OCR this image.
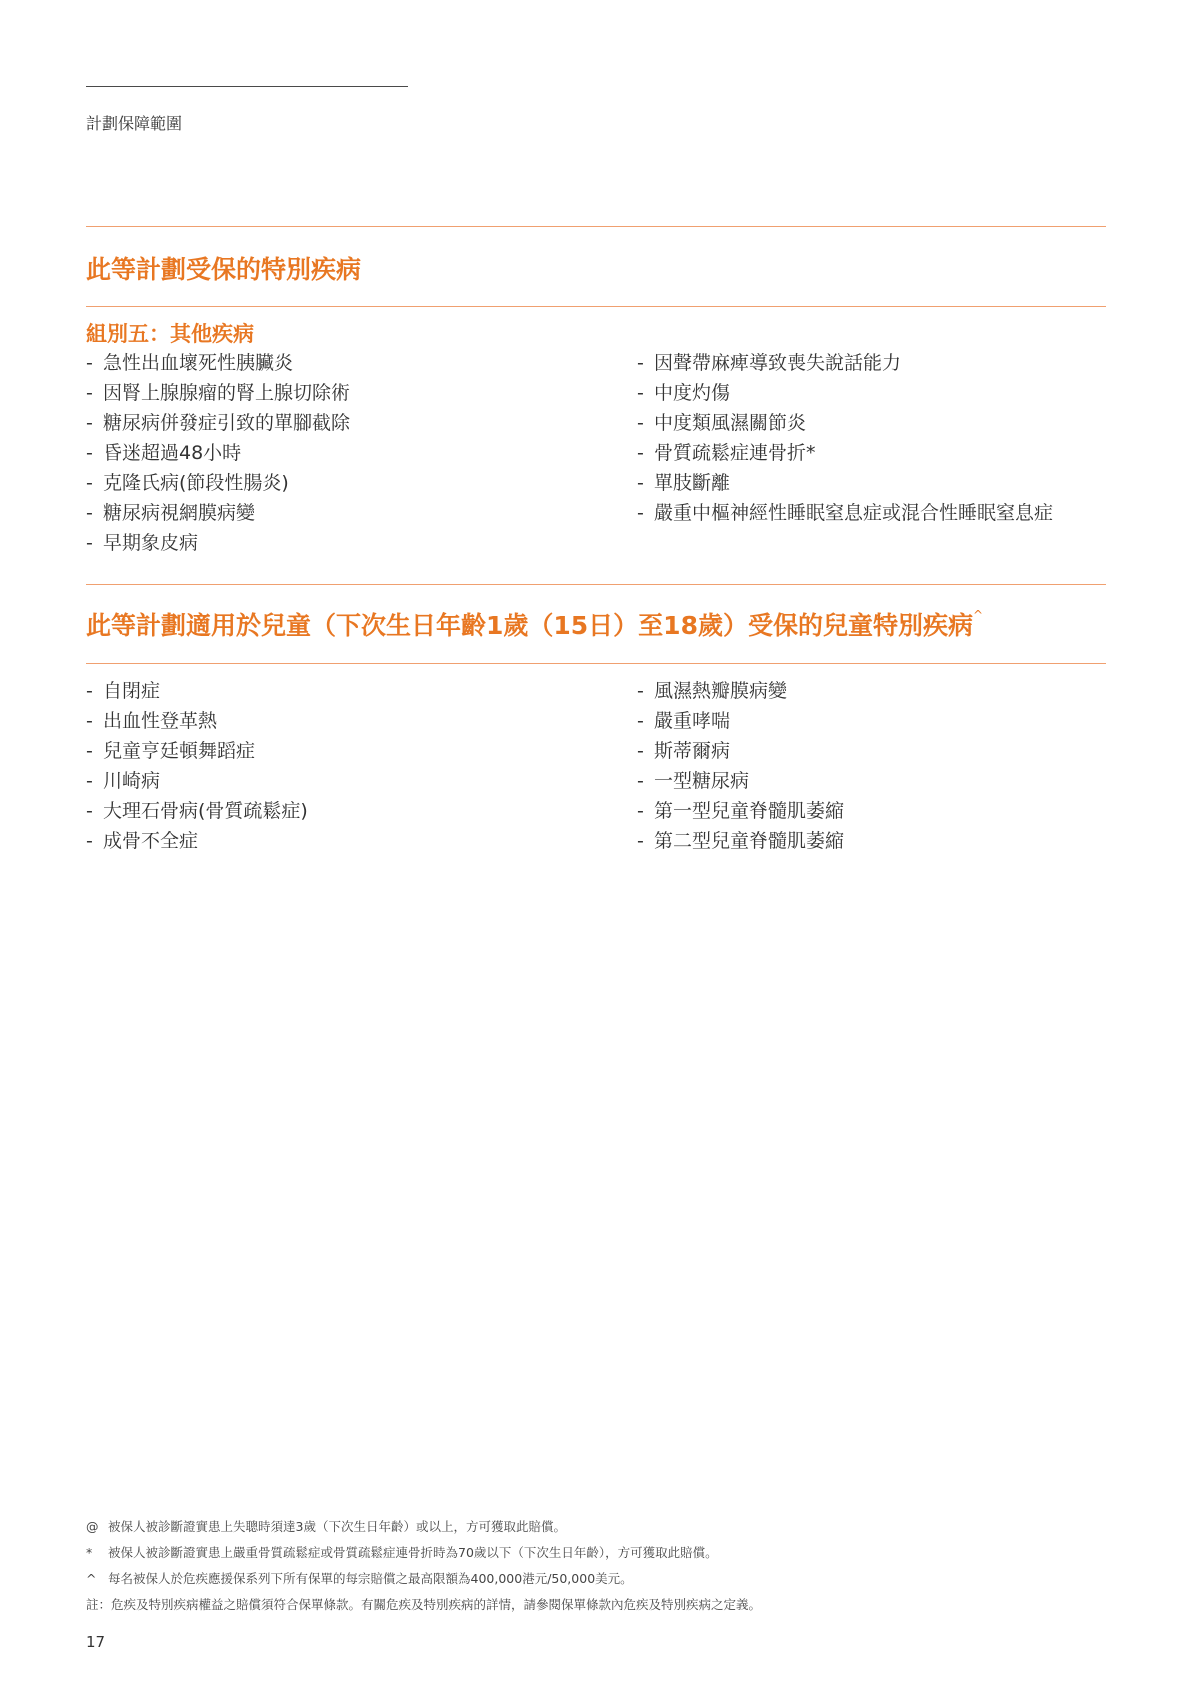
計劃保障範圍
此等計劃受保的特別疾病
組別五：其他疾病
- 急性出血壞死性胰臟炎
- 因腎上腺腺瘤的腎上腺切除術
- 糖尿病併發症引致的單腳截除
- 昏迷超過48小時
- 克隆氏病(節段性腸炎)
- 糖尿病視網膜病變
- 早期象皮病
- 因聲帶麻痺導致喪失說話能力
- 中度灼傷
- 中度類風濕關節炎
- 骨質疏鬆症連骨折*
- 單肢斷離
- 嚴重中樞神經性睡眠窒息症或混合性睡眠窒息症
此等計劃適用於兒童（下次生日年齡1歲（15日）至18歲）受保的兒童特別疾病^
- 自閉症
- 出血性登革熱
- 兒童亨廷頓舞蹈症
- 川崎病
- 大理石骨病(骨質疏鬆症)
- 成骨不全症
- 風濕熱瓣膜病變
- 嚴重哮喘
- 斯蒂爾病
- 一型糖尿病
- 第一型兒童脊髓肌萎縮
- 第二型兒童脊髓肌萎縮
@ 被保人被診斷證實患上失聰時須達3歲（下次生日年齡）或以上，方可獲取此賠償。
* 被保人被診斷證實患上嚴重骨質疏鬆症或骨質疏鬆症連骨折時為70歲以下（下次生日年齡），方可獲取此賠償。
^ 每名被保人於危疾應援保系列下所有保單的每宗賠償之最高限額為400,000港元/50,000美元。
註：危疾及特別疾病權益之賠償須符合保單條款。有關危疾及特別疾病的詳情，請參閱保單條款內危疾及特別疾病之定義。
17
